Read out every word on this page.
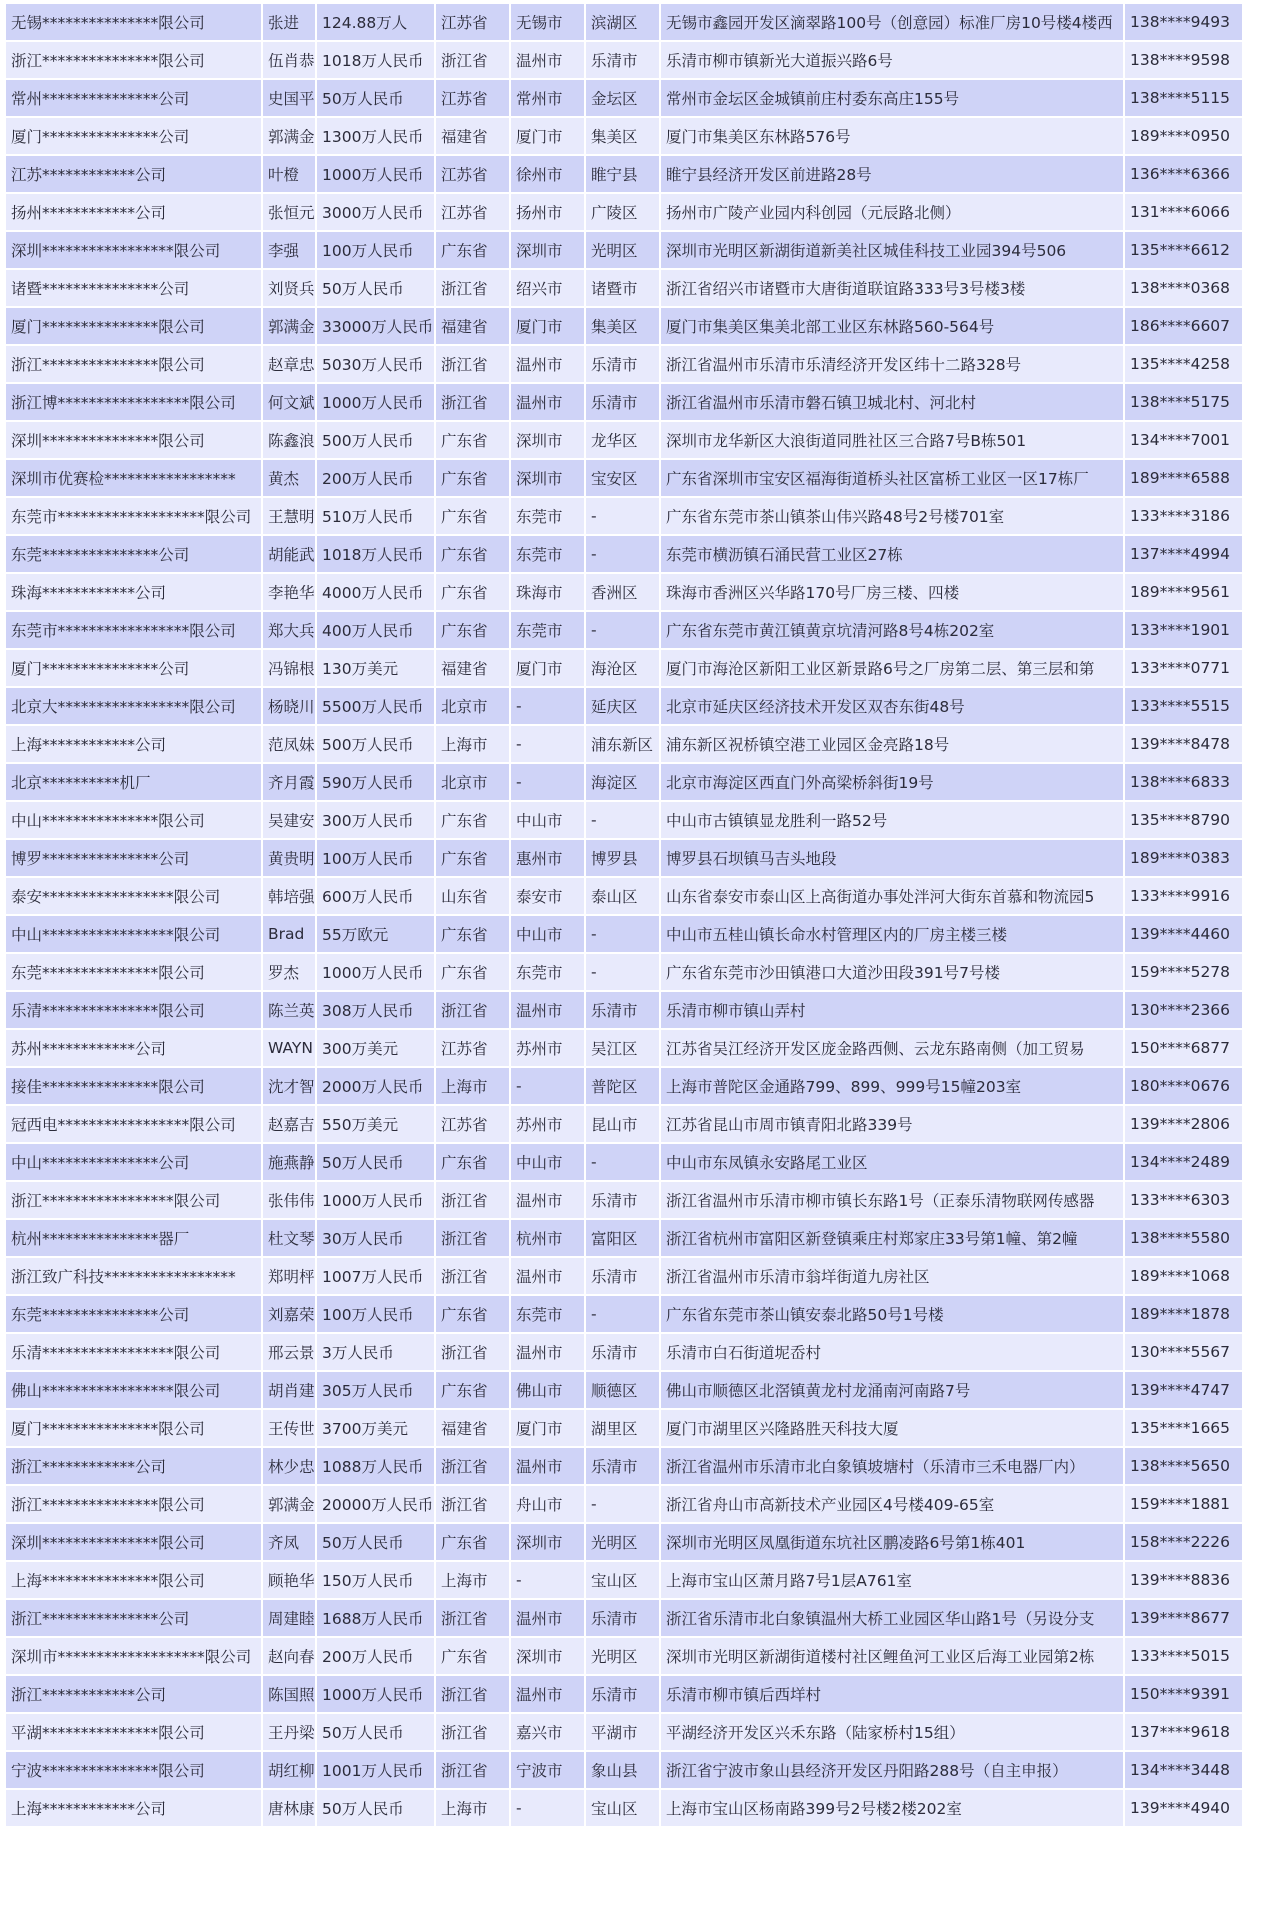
无锡***************限公司	张进	124.88万人	江苏省	无锡市	滨湖区	无锡市鑫园开发区滴翠路100号（创意园）标准厂房10号楼4楼西	138****9493
浙江***************限公司	伍肖恭	1018万人民币	浙江省	温州市	乐清市	乐清市柳市镇新光大道振兴路6号	138****9598
常州***************公司	史国平	50万人民币	江苏省	常州市	金坛区	常州市金坛区金城镇前庄村委东高庄155号	138****5115
厦门***************公司	郭满金	1300万人民币	福建省	厦门市	集美区	厦门市集美区东林路576号	189****0950
江苏************公司	叶橙	1000万人民币	江苏省	徐州市	睢宁县	睢宁县经济开发区前进路28号	136****6366
扬州************公司	张恒元	3000万人民币	江苏省	扬州市	广陵区	扬州市广陵产业园内科创园（元辰路北侧）	131****6066
深圳*****************限公司	李强	100万人民币	广东省	深圳市	光明区	深圳市光明区新湖街道新美社区城佳科技工业园394号506	135****6612
诸暨***************公司	刘贤兵	50万人民币	浙江省	绍兴市	诸暨市	浙江省绍兴市诸暨市大唐街道联谊路333号3号楼3楼	138****0368
厦门***************限公司	郭满金	33000万人民币	福建省	厦门市	集美区	厦门市集美区集美北部工业区东林路560-564号	186****6607
浙江***************限公司	赵章忠	5030万人民币	浙江省	温州市	乐清市	浙江省温州市乐清市乐清经济开发区纬十二路328号	135****4258
浙江博*****************限公司	何文斌	1000万人民币	浙江省	温州市	乐清市	浙江省温州市乐清市磐石镇卫城北村、河北村	138****5175
深圳***************限公司	陈鑫浪	500万人民币	广东省	深圳市	龙华区	深圳市龙华新区大浪街道同胜社区三合路7号B栋501	134****7001
深圳市优赛检*****************	黄杰	200万人民币	广东省	深圳市	宝安区	广东省深圳市宝安区福海街道桥头社区富桥工业区一区17栋厂	189****6588
东莞市*******************限公司	王慧明	510万人民币	广东省	东莞市	-	广东省东莞市茶山镇茶山伟兴路48号2号楼701室	133****3186
东莞***************公司	胡能武	1018万人民币	广东省	东莞市	-	东莞市横沥镇石涌民营工业区27栋	137****4994
珠海************公司	李艳华	4000万人民币	广东省	珠海市	香洲区	珠海市香洲区兴华路170号厂房三楼、四楼	189****9561
东莞市*****************限公司	郑大兵	400万人民币	广东省	东莞市	-	广东省东莞市黄江镇黄京坑清河路8号4栋202室	133****1901
厦门***************公司	冯锦根	130万美元	福建省	厦门市	海沧区	厦门市海沧区新阳工业区新景路6号之厂房第二层、第三层和第	133****0771
北京大*****************限公司	杨晓川	5500万人民币	北京市	-	延庆区	北京市延庆区经济技术开发区双杏东街48号	133****5515
上海************公司	范凤妹	500万人民币	上海市	-	浦东新区	浦东新区祝桥镇空港工业园区金亮路18号	139****8478
北京**********机厂	齐月霞	590万人民币	北京市	-	海淀区	北京市海淀区西直门外高梁桥斜街19号	138****6833
中山***************限公司	吴建安	300万人民币	广东省	中山市	-	中山市古镇镇显龙胜利一路52号	135****8790
博罗***************公司	黄贵明	100万人民币	广东省	惠州市	博罗县	博罗县石坝镇马吉头地段	189****0383
泰安*****************限公司	韩培强	600万人民币	山东省	泰安市	泰山区	山东省泰安市泰山区上高街道办事处泮河大街东首慕和物流园5	133****9916
中山*****************限公司	Brad	55万欧元	广东省	中山市	-	中山市五桂山镇长命水村管理区内的厂房主楼三楼	139****4460
东莞***************限公司	罗杰	1000万人民币	广东省	东莞市	-	广东省东莞市沙田镇港口大道沙田段391号7号楼	159****5278
乐清***************限公司	陈兰英	308万人民币	浙江省	温州市	乐清市	乐清市柳市镇山弄村	130****2366
苏州************公司	WAYN	300万美元	江苏省	苏州市	吴江区	江苏省吴江经济开发区庞金路西侧、云龙东路南侧（加工贸易	150****6877
接佳***************限公司	沈才智	2000万人民币	上海市	-	普陀区	上海市普陀区金通路799、899、999号15幢203室	180****0676
冠西电*****************限公司	赵嘉吉	550万美元	江苏省	苏州市	昆山市	江苏省昆山市周市镇青阳北路339号	139****2806
中山***************公司	施燕静	50万人民币	广东省	中山市	-	中山市东凤镇永安路尾工业区	134****2489
浙江*****************限公司	张伟伟	1000万人民币	浙江省	温州市	乐清市	浙江省温州市乐清市柳市镇长东路1号（正泰乐清物联网传感器	133****6303
杭州***************器厂	杜文琴	30万人民币	浙江省	杭州市	富阳区	浙江省杭州市富阳区新登镇乘庄村郑家庄33号第1幢、第2幢	138****5580
浙江致广科技*****************	郑明枰	1007万人民币	浙江省	温州市	乐清市	浙江省温州市乐清市翁垟街道九房社区	189****1068
东莞***************公司	刘嘉荣	100万人民币	广东省	东莞市	-	广东省东莞市茶山镇安泰北路50号1号楼	189****1878
乐清*****************限公司	邢云景	3万人民币	浙江省	温州市	乐清市	乐清市白石街道坭岙村	130****5567
佛山*****************限公司	胡肖建	305万人民币	广东省	佛山市	顺德区	佛山市顺德区北滘镇黄龙村龙涌南河南路7号	139****4747
厦门***************限公司	王传世	3700万美元	福建省	厦门市	湖里区	厦门市湖里区兴隆路胜天科技大厦	135****1665
浙江************公司	林少忠	1088万人民币	浙江省	温州市	乐清市	浙江省温州市乐清市北白象镇坡塘村（乐清市三禾电器厂内）	138****5650
浙江***************限公司	郭满金	20000万人民币	浙江省	舟山市	-	浙江省舟山市高新技术产业园区4号楼409-65室	159****1881
深圳***************限公司	齐凤	50万人民币	广东省	深圳市	光明区	深圳市光明区凤凰街道东坑社区鹏凌路6号第1栋401	158****2226
上海***************限公司	顾艳华	150万人民币	上海市	-	宝山区	上海市宝山区萧月路7号1层A761室	139****8836
浙江***************公司	周建睦	1688万人民币	浙江省	温州市	乐清市	浙江省乐清市北白象镇温州大桥工业园区华山路1号（另设分支	139****8677
深圳市*******************限公司	赵向春	200万人民币	广东省	深圳市	光明区	深圳市光明区新湖街道楼村社区鲤鱼河工业区后海工业园第2栋	133****5015
浙江************公司	陈国照	1000万人民币	浙江省	温州市	乐清市	乐清市柳市镇后西垟村	150****9391
平湖***************限公司	王丹梁	50万人民币	浙江省	嘉兴市	平湖市	平湖经济开发区兴禾东路（陆家桥村15组）	137****9618
宁波***************限公司	胡红柳	1001万人民币	浙江省	宁波市	象山县	浙江省宁波市象山县经济开发区丹阳路288号（自主申报）	134****3448
上海************公司	唐林康	50万人民币	上海市	-	宝山区	上海市宝山区杨南路399号2号楼2楼202室	139****4940
